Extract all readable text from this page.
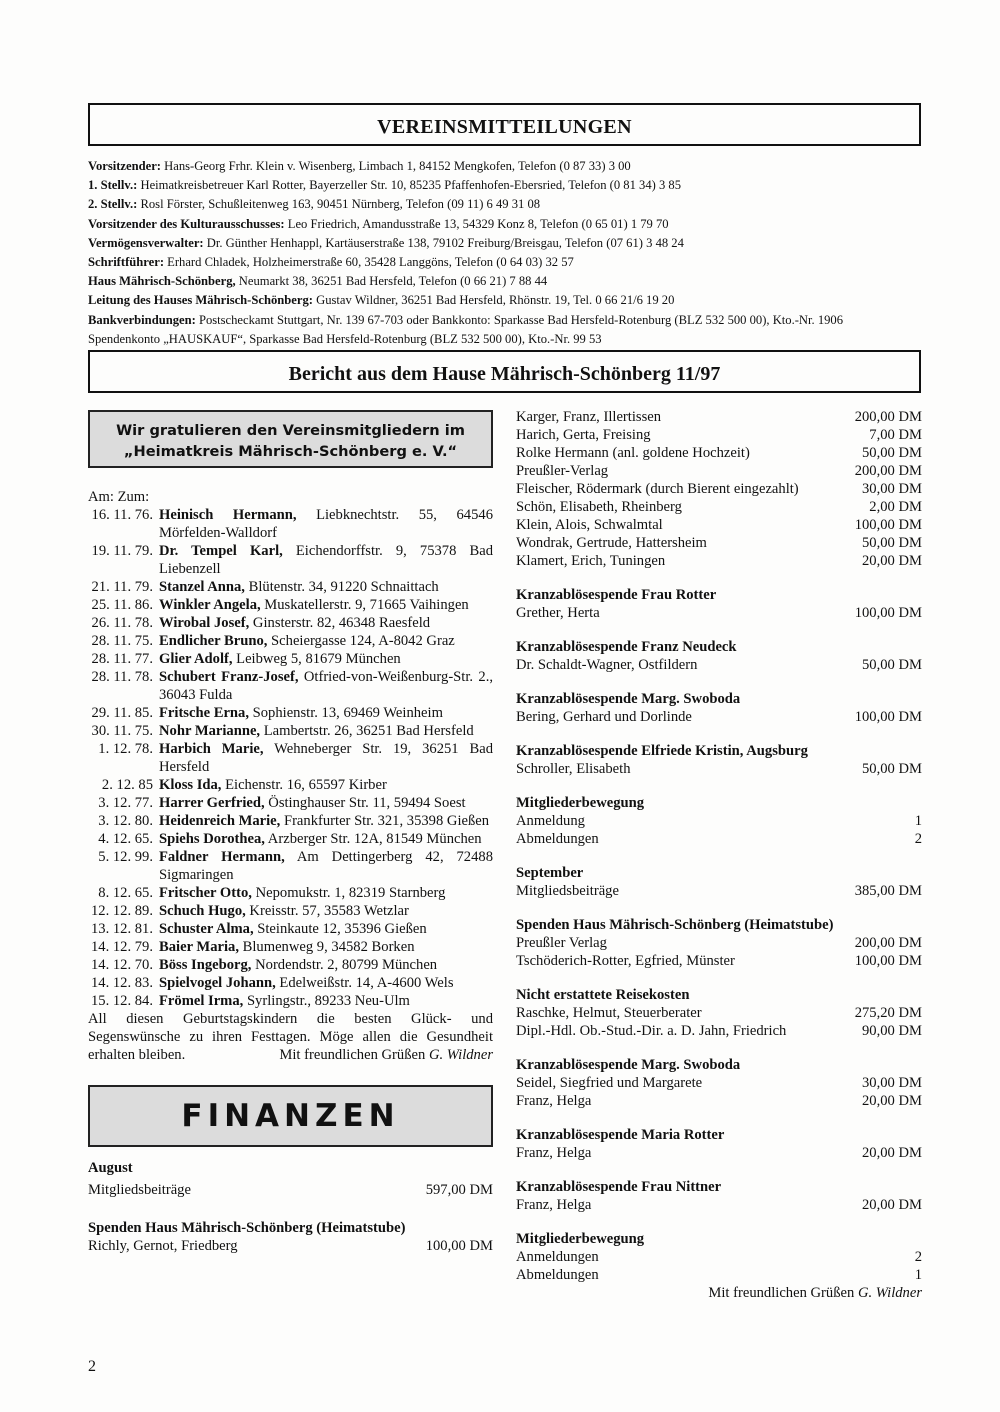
VEREINSMITTEILUNGEN
Vorsitzender: Hans-Georg Frhr. Klein v. Wisenberg, Limbach 1, 84152 Mengkofen, Telefon (0 87 33) 3 00
1. Stellv.: Heimatkreisbetreuer Karl Rotter, Bayerzeller Str. 10, 85235 Pfaffenhofen-Ebersried, Telefon (0 81 34) 3 85
2. Stellv.: Rosl Förster, Schußleitenweg 163, 90451 Nürnberg, Telefon (09 11) 6 49 31 08
Vorsitzender des Kulturausschusses: Leo Friedrich, Amandusstraße 13, 54329 Konz 8, Telefon (0 65 01) 1 79 70
Vermögensverwalter: Dr. Günther Henhappl, Kartäuserstraße 138, 79102 Freiburg/Breisgau, Telefon (07 61) 3 48 24
Schriftführer: Erhard Chladek, Holzheimerstraße 60, 35428 Langgöns, Telefon (0 64 03) 32 57
Haus Mährisch-Schönberg, Neumarkt 38, 36251 Bad Hersfeld, Telefon (0 66 21) 7 88 44
Leitung des Hauses Mährisch-Schönberg: Gustav Wildner, 36251 Bad Hersfeld, Rhönstr. 19, Tel. 0 66 21/6 19 20
Bankverbindungen: Postscheckamt Stuttgart, Nr. 139 67-703 oder Bankkonto: Sparkasse Bad Hersfeld-Rotenburg (BLZ 532 500 00), Kto.-Nr. 1906
Spendenkonto „HAUSKAUF“, Sparkasse Bad Hersfeld-Rotenburg (BLZ 532 500 00), Kto.-Nr. 99 53
Bericht aus dem Hause Mährisch-Schönberg 11/97
Wir gratulieren den Vereinsmitgliedern im
„Heimatkreis Mährisch-Schönberg e. V.“
Am: Zum:
16. 11. 76. Heinisch Hermann, Liebknechtstr. 55, 64546 Mörfelden-Walldorf
19. 11. 79. Dr. Tempel Karl, Eichendorffstr. 9, 75378 Bad Liebenzell
21. 11. 79. Stanzel Anna, Blütenstr. 34, 91220 Schnaittach
25. 11. 86. Winkler Angela, Muskatellerstr. 9, 71665 Vaihingen
26. 11. 78. Wirobal Josef, Ginsterstr. 82, 46348 Raesfeld
28. 11. 75. Endlicher Bruno, Scheiergasse 124, A-8042 Graz
28. 11. 77. Glier Adolf, Leibweg 5, 81679 München
28. 11. 78. Schubert Franz-Josef, Otfried-von-Weißenburg-Str. 2., 36043 Fulda
29. 11. 85. Fritsche Erna, Sophienstr. 13, 69469 Weinheim
30. 11. 75. Nohr Marianne, Lambertstr. 26, 36251 Bad Hersfeld
1. 12. 78. Harbich Marie, Wehneberger Str. 19, 36251 Bad Hersfeld
2. 12. 85 Kloss Ida, Eichenstr. 16, 65597 Kirber
3. 12. 77. Harrer Gerfried, Östinghauser Str. 11, 59494 Soest
3. 12. 80. Heidenreich Marie, Frankfurter Str. 321, 35398 Gießen
4. 12. 65. Spiehs Dorothea, Arzberger Str. 12A, 81549 München
5. 12. 99. Faldner Hermann, Am Dettingerberg 42, 72488 Sigmaringen
8. 12. 65. Fritscher Otto, Nepomukstr. 1, 82319 Starnberg
12. 12. 89. Schuch Hugo, Kreisstr. 57, 35583 Wetzlar
13. 12. 81. Schuster Alma, Steinkaute 12, 35396 Gießen
14. 12. 79. Baier Maria, Blumenweg 9, 34582 Borken
14. 12. 70. Böss Ingeborg, Nordendstr. 2, 80799 München
14. 12. 83. Spielvogel Johann, Edelweißstr. 14, A-4600 Wels
15. 12. 84. Frömel Irma, Syrlingstr., 89233 Neu-Ulm
All diesen Geburtstagskindern die besten Glück- und Segenswünsche zu ihren Festtagen. Möge allen die Gesundheit erhalten bleiben.	Mit freundlichen Grüßen G. Wildner
FINANZEN
August
Mitgliedsbeiträge	597,00 DM
Spenden Haus Mährisch-Schönberg (Heimatstube)
Richly, Gernot, Friedberg	100,00 DM
Karger, Franz, Illertissen	200,00 DM
Harich, Gerta, Freising	7,00 DM
Rolke Hermann (anl. goldene Hochzeit)	50,00 DM
Preußler-Verlag	200,00 DM
Fleischer, Rödermark (durch Bierent eingezahlt)	30,00 DM
Schön, Elisabeth, Rheinberg	2,00 DM
Klein, Alois, Schwalmtal	100,00 DM
Wondrak, Gertrude, Hattersheim	50,00 DM
Klamert, Erich, Tuningen	20,00 DM
Kranzablösespende Frau Rotter
Grether, Herta	100,00 DM
Kranzablösespende Franz Neudeck
Dr. Schaldt-Wagner, Ostfildern	50,00 DM
Kranzablösespende Marg. Swoboda
Bering, Gerhard und Dorlinde	100,00 DM
Kranzablösespende Elfriede Kristin, Augsburg
Schroller, Elisabeth	50,00 DM
Mitgliederbewegung
Anmeldung	1
Abmeldungen	2
September
Mitgliedsbeiträge	385,00 DM
Spenden Haus Mährisch-Schönberg (Heimatstube)
Preußler Verlag	200,00 DM
Tschöderich-Rotter, Egfried, Münster	100,00 DM
Nicht erstattete Reisekosten
Raschke, Helmut, Steuerberater	275,20 DM
Dipl.-Hdl. Ob.-Stud.-Dir. a. D. Jahn, Friedrich	90,00 DM
Kranzablösespende Marg. Swoboda
Seidel, Siegfried und Margarete	30,00 DM
Franz, Helga	20,00 DM
Kranzablösespende Maria Rotter
Franz, Helga	20,00 DM
Kranzablösespende Frau Nittner
Franz, Helga	20,00 DM
Mitgliederbewegung
Anmeldungen	2
Abmeldungen	1
Mit freundlichen Grüßen G. Wildner
2
